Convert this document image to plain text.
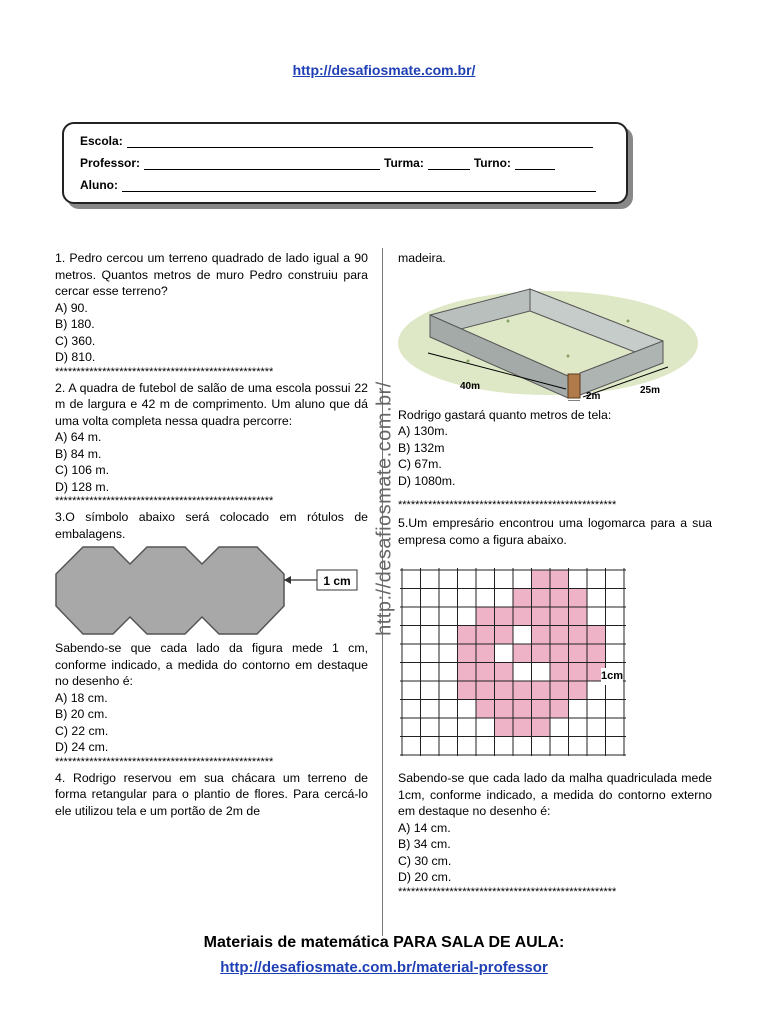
http://desafiosmate.com.br/
Escola:
Professor:	Turma:	Turno:
Aluno:
http://desafiosmate.com.br/
1. Pedro cercou um terreno quadrado de lado igual a 90 metros. Quantos metros de muro Pedro construiu para cercar esse terreno?
A) 90.
B) 180.
C) 360.
D) 810.
***************************************************
2. A quadra de futebol de salão de uma escola possui 22 m de largura e 42 m de comprimento. Um aluno que dá uma volta completa nessa quadra percorre:
A) 64 m.
B) 84 m.
C) 106 m.
D) 128 m.
***************************************************
3.O símbolo abaixo será colocado em rótulos de embalagens.
1 cm
Sabendo-se que cada lado da figura mede 1 cm, conforme indicado, a medida do contorno em destaque no desenho é:
A) 18 cm.
B) 20 cm.
C) 22 cm.
D) 24 cm.
***************************************************
4. Rodrigo reservou em sua chácara um terreno de forma retangular para o plantio de flores. Para cercá-lo ele utilizou tela e um portão de 2m de
madeira.
40m	25m
2m
Rodrigo gastará quanto metros de tela:
A) 130m.
B) 132m
C) 67m.
D) 1080m.
***************************************************
5.Um empresário encontrou uma logomarca para a sua empresa como a figura abaixo.
1cm
Sabendo-se que cada lado da malha quadriculada mede 1cm, conforme indicado, a medida do contorno externo em destaque no desenho é:
A) 14 cm.
B) 34 cm.
C) 30 cm.
D) 20 cm.
***************************************************
Materiais de matemática PARA SALA DE AULA:
http://desafiosmate.com.br/material-professor
